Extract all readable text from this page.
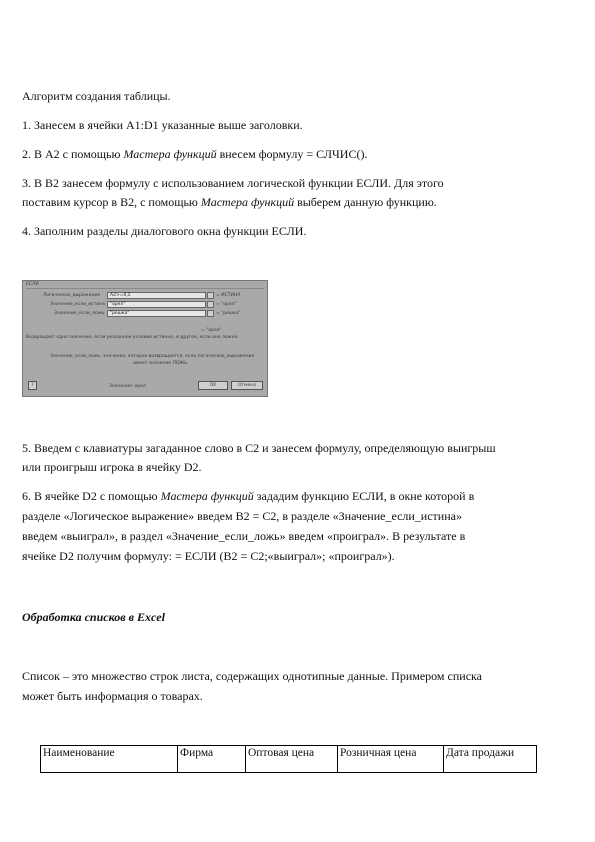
Алгоритм создания таблицы.
1. Занесем в ячейки A1:D1 указанные выше заголовки.
2. В A2 с помощью Мастера функций внесем формулу = СЛЧИС().
3. В B2 занесем формулу с использованием логической функции ЕСЛИ. Для этого
поставим курсор в B2, с помощью Мастера функций выберем данную функцию.
4. Заполним разделы диалогового окна функции ЕСЛИ.
ЕСЛИ
Логическое_выражение A2>=0,5	= ИСТИНА
Значение_если_истина "орел"	= "орел"
Значение_если_ложь "решка"	= "решка"
= "орел"
Возвращает одно значение, если указанное условие истинно, и другое, если оно ложно.
Значение_если_ложь значение, которое возвращается, если логическое_выражение
имеет значение ЛОЖЬ.
?	Значение: орел	OK	Отмена
5. Введем с клавиатуры загаданное слово в C2 и занесем формулу, определяющую выигрыш
или проигрыш игрока в ячейку D2.
6. В ячейке D2 с помощью Мастера функций зададим функцию ЕСЛИ, в окне которой в
разделе «Логическое выражение» введем B2 = C2, в разделе «Значение_если_истина»
введем «выиграл», в раздел «Значение_если_ложь» введем «проиграл». В результате в
ячейке D2 получим формулу: = ЕСЛИ (B2 = C2;«выиграл»; «проиграл»).
Обработка списков в Excel
Список – это множество строк листа, содержащих однотипные данные. Примером списка
может быть информация о товарах.
Наименование	Фирма	Оптовая цена	Розничная цена	Дата продажи
